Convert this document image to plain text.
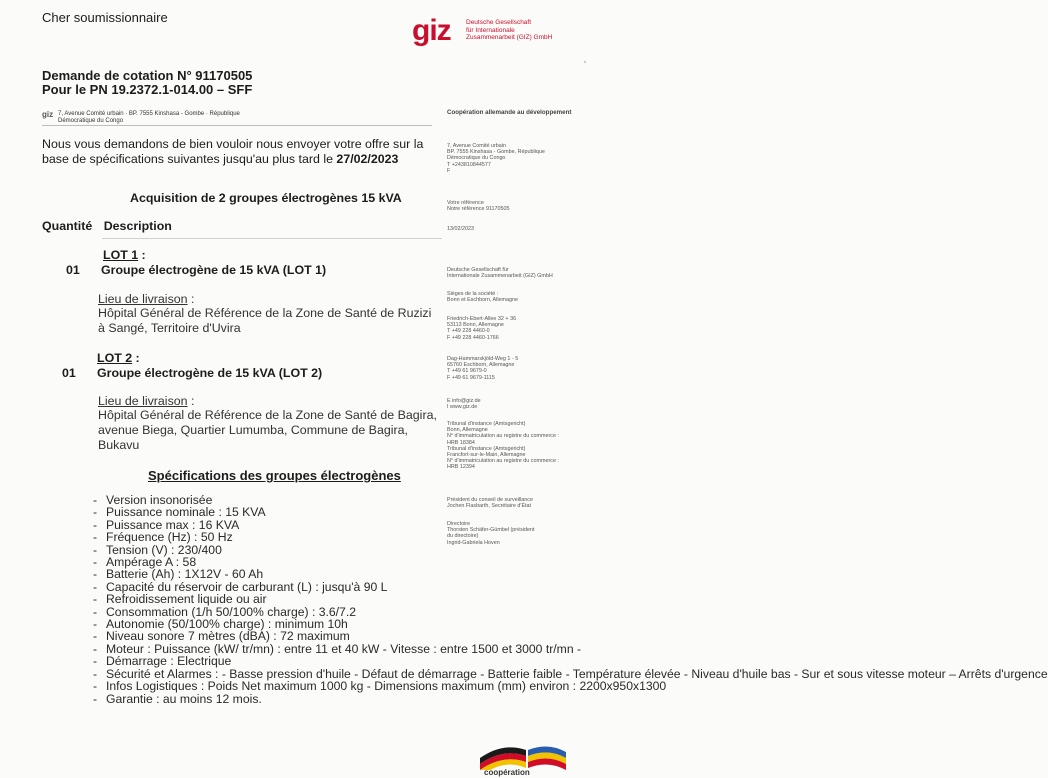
Cher soumissionnaire	giz Deutsche Gesellschaft
für Internationale
Zusammenarbeit (GIZ) GmbH
ʼ
Demande de cotation N° 91170505
Pour le PN 19.2372.1-014.00 – SFF
giz 7, Avenue Comité urbain · BP. 7555 Kinshasa - Gombe · République
Démocratique du Congo
Nous vous demandons de bien vouloir nous envoyer votre offre sur la base de spécifications suivantes jusqu'au plus tard le 27/02/2023
Acquisition de 2 groupes électrogènes 15 kVA
Quantité Description
LOT 1 :
01 Groupe électrogène de 15 kVA (LOT 1)
Lieu de livraison :
Hôpital Général de Référence de la Zone de Santé de Ruzizi à Sangé, Territoire d'Uvira
LOT 2 :
01 Groupe électrogène de 15 kVA (LOT 2)
Lieu de livraison :
Hôpital Général de Référence de la Zone de Santé de Bagira, avenue Biega, Quartier Lumumba, Commune de Bagira, Bukavu
Spécifications des groupes électrogènes
- Version insonorisée
- Puissance nominale : 15 KVA
- Puissance max : 16 KVA
- Fréquence (Hz) : 50 Hz
- Tension (V) : 230/400
- Ampérage A : 58
- Batterie (Ah) : 1X12V - 60 Ah
- Capacité du réservoir de carburant (L) : jusqu'à 90 L
- Refroidissement liquide ou air
- Consommation (1/h 50/100% charge) : 3.6/7.2
- Autonomie (50/100% charge) : minimum 10h
- Niveau sonore 7 mètres (dBA) : 72 maximum
- Moteur : Puissance (kW/ tr/mn) : entre 11 et 40 kW - Vitesse : entre 1500 et 3000 tr/mn -
- Démarrage : Electrique
- Sécurité et Alarmes : - Basse pression d'huile - Défaut de démarrage - Batterie faible - Température élevée - Niveau d'huile bas - Sur et sous vitesse moteur – Arrêts d'urgence
- Infos Logistiques : Poids Net maximum 1000 kg - Dimensions maximum (mm) environ : 2200x950x1300
- Garantie : au moins 12 mois.
Coopération allemande au développement
7, Avenue Comité urbain
BP. 7555 Kinshasa - Gombe, République
Démocratique du Congo
T +243810844577
F
Votre référence
Notre référence 91170505
13/02/2023
Deutsche Gesellschaft für
Internationale Zusammenarbeit (GIZ) GmbH
Sièges de la société :
Bonn et Eschborn, Allemagne
Friedrich-Ebert-Allee 32 + 36
53113 Bonn, Allemagne
T +49 228 4460-0
F +49 228 4460-1766
Dag-Hammarskjöld-Weg 1 - 5
65760 Eschborn, Allemagne
T +49 61 9679-0
F +49 61 9679-1115
E info@giz.de
I www.giz.de
Tribunal d'instance (Amtsgericht)
Bonn, Allemagne
N° d'immatriculation au registre du commerce :
HRB 18384
Tribunal d'instance (Amtsgericht)
Francfort-sur-le-Main, Allemagne
N° d'immatriculation au registre du commerce :
HRB 12394
Président du conseil de surveillance
Jochen Flasbarth, Secrétaire d'État
Directoire
Thorsten Schäfer-Gümbel (président
du directoire)
Ingrid-Gabriela Hoven
coopération
